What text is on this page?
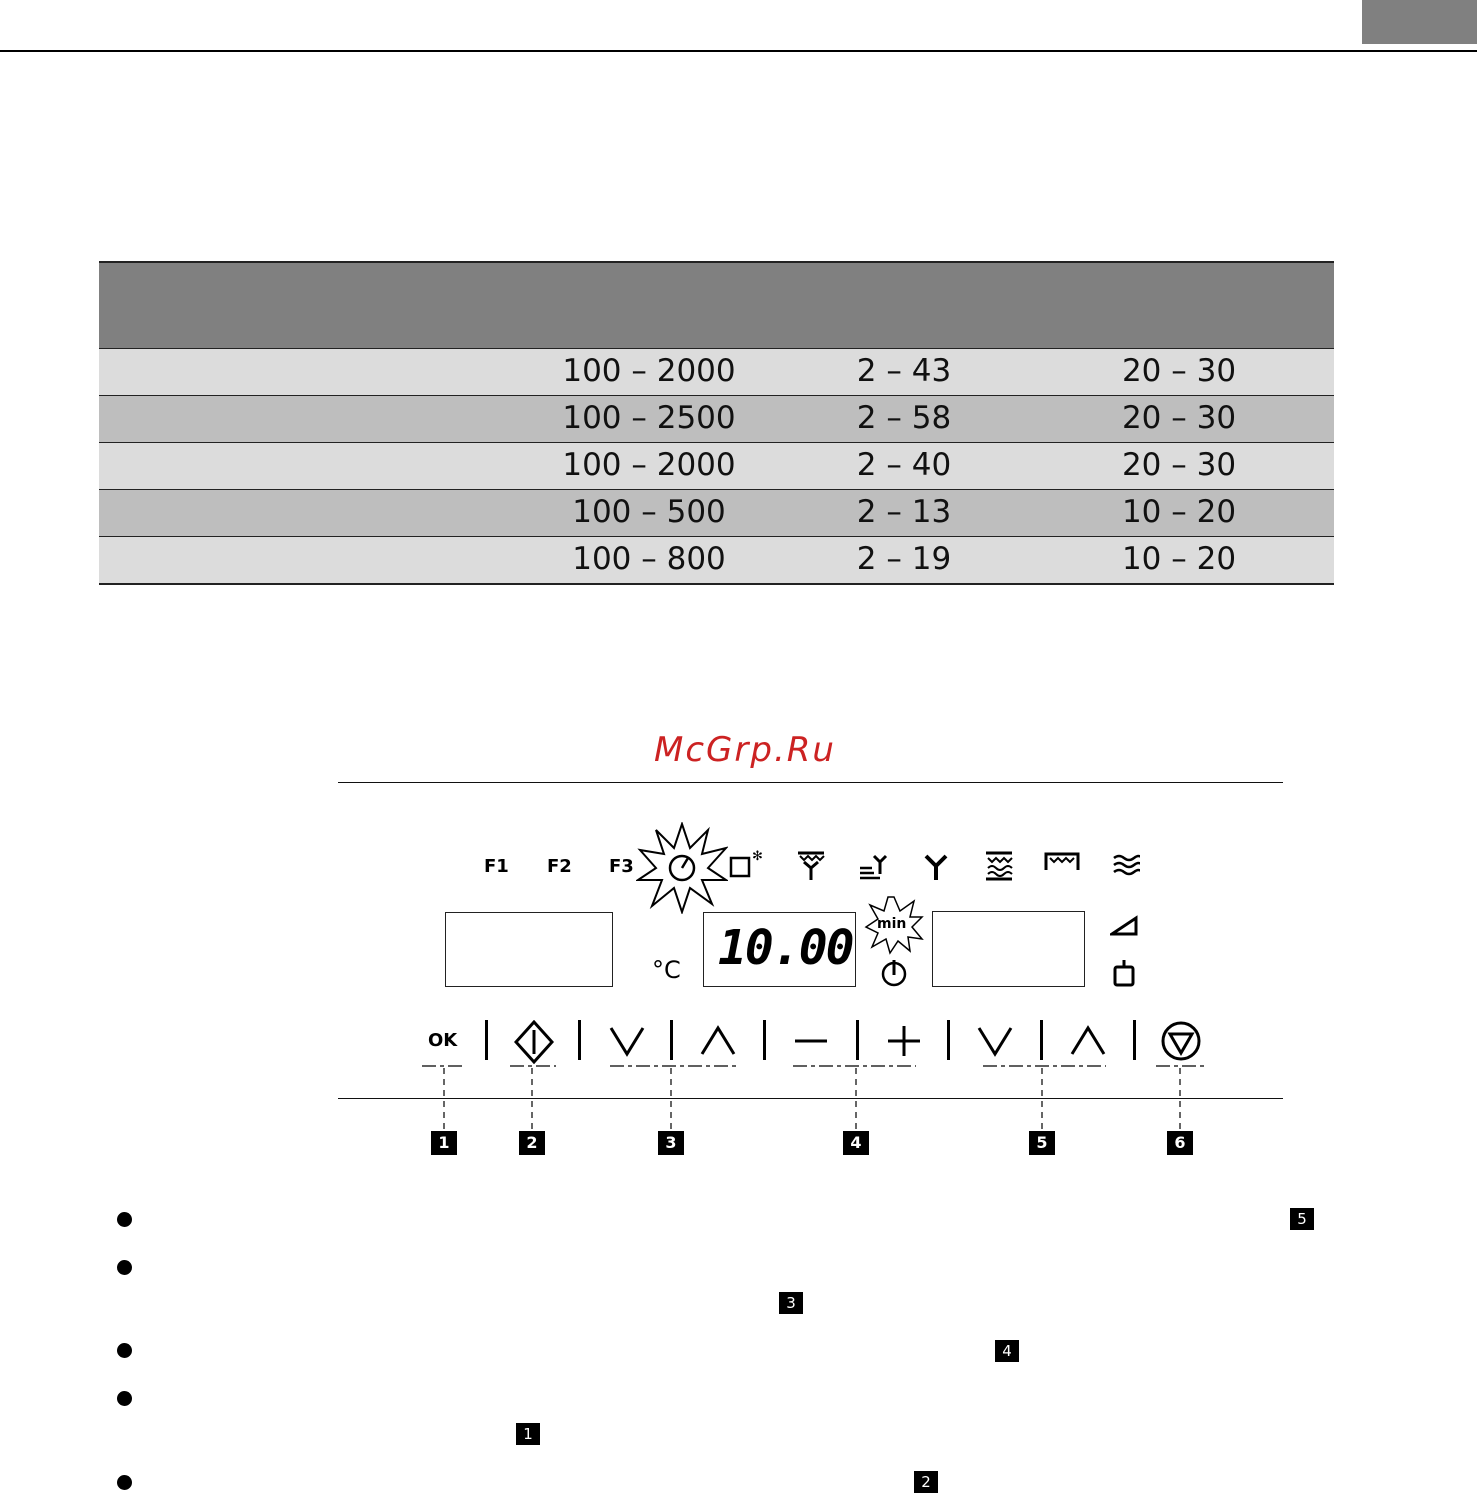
100 – 2000	2 – 43	20 – 30
100 – 2500	2 – 58	20 – 30
100 – 2000	2 – 40	20 – 30
100 – 500	2 – 13	10 – 20
100 – 800	2 – 19	10 – 20
McGrp.Ru
F1 F2 F3	✻
°C 10.00 min
OK
1	2	3	4	5	6
5
3
4
1
2
